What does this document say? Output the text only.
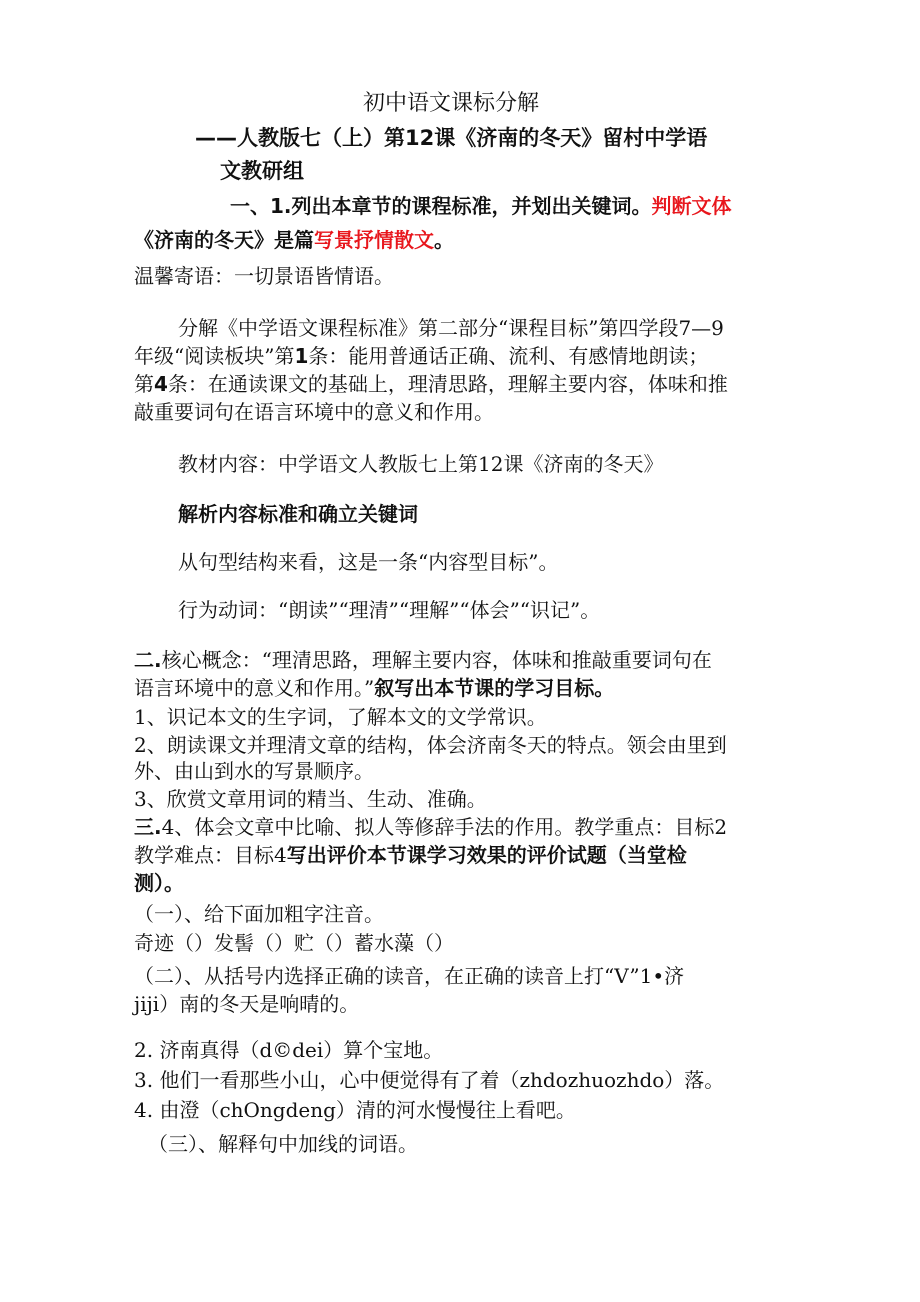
初中语文课标分解
——人教版七（上）第12课《济南的冬天》留村中学语
文教研组
一、1.列出本章节的课程标准，并划出关键词。判断文体
《济南的冬天》是篇写景抒情散文。
温馨寄语：一切景语皆情语。
分解《中学语文课程标准》第二部分“课程目标”第四学段7—9
年级“阅读板块”第1条：能用普通话正确、流利、有感情地朗读；
第4条：在通读课文的基础上，理清思路，理解主要内容，体味和推
敲重要词句在语言环境中的意义和作用。
教材内容：中学语文人教版七上第12课《济南的冬天》
解析内容标准和确立关键词
从句型结构来看，这是一条“内容型目标”。
行为动词：“朗读”“理清”“理解”“体会”“识记”。
二.核心概念：“理清思路，理解主要内容，体味和推敲重要词句在
语言环境中的意义和作用。”叙写出本节课的学习目标。
1、识记本文的生字词，了解本文的文学常识。
2、朗读课文并理清文章的结构，体会济南冬天的特点。领会由里到
外、由山到水的写景顺序。
3、欣赏文章用词的精当、生动、准确。
三.4、体会文章中比喻、拟人等修辞手法的作用。教学重点：目标2
教学难点：目标4写出评价本节课学习效果的评价试题（当堂检
测）。
（一）、给下面加粗字注音。
奇迹（）发髻（）贮（）蓄水藻（）
（二）、从括号内选择正确的读音，在正确的读音上打“V”1•济
jiji）南的冬天是响晴的。
2. 济南真得（d©dei）算个宝地。
3. 他们一看那些小山，心中便觉得有了着（zhdozhuozhdo）落。
4. 由澄（chOngdeng）清的河水慢慢往上看吧。
（三）、解释句中加线的词语。
